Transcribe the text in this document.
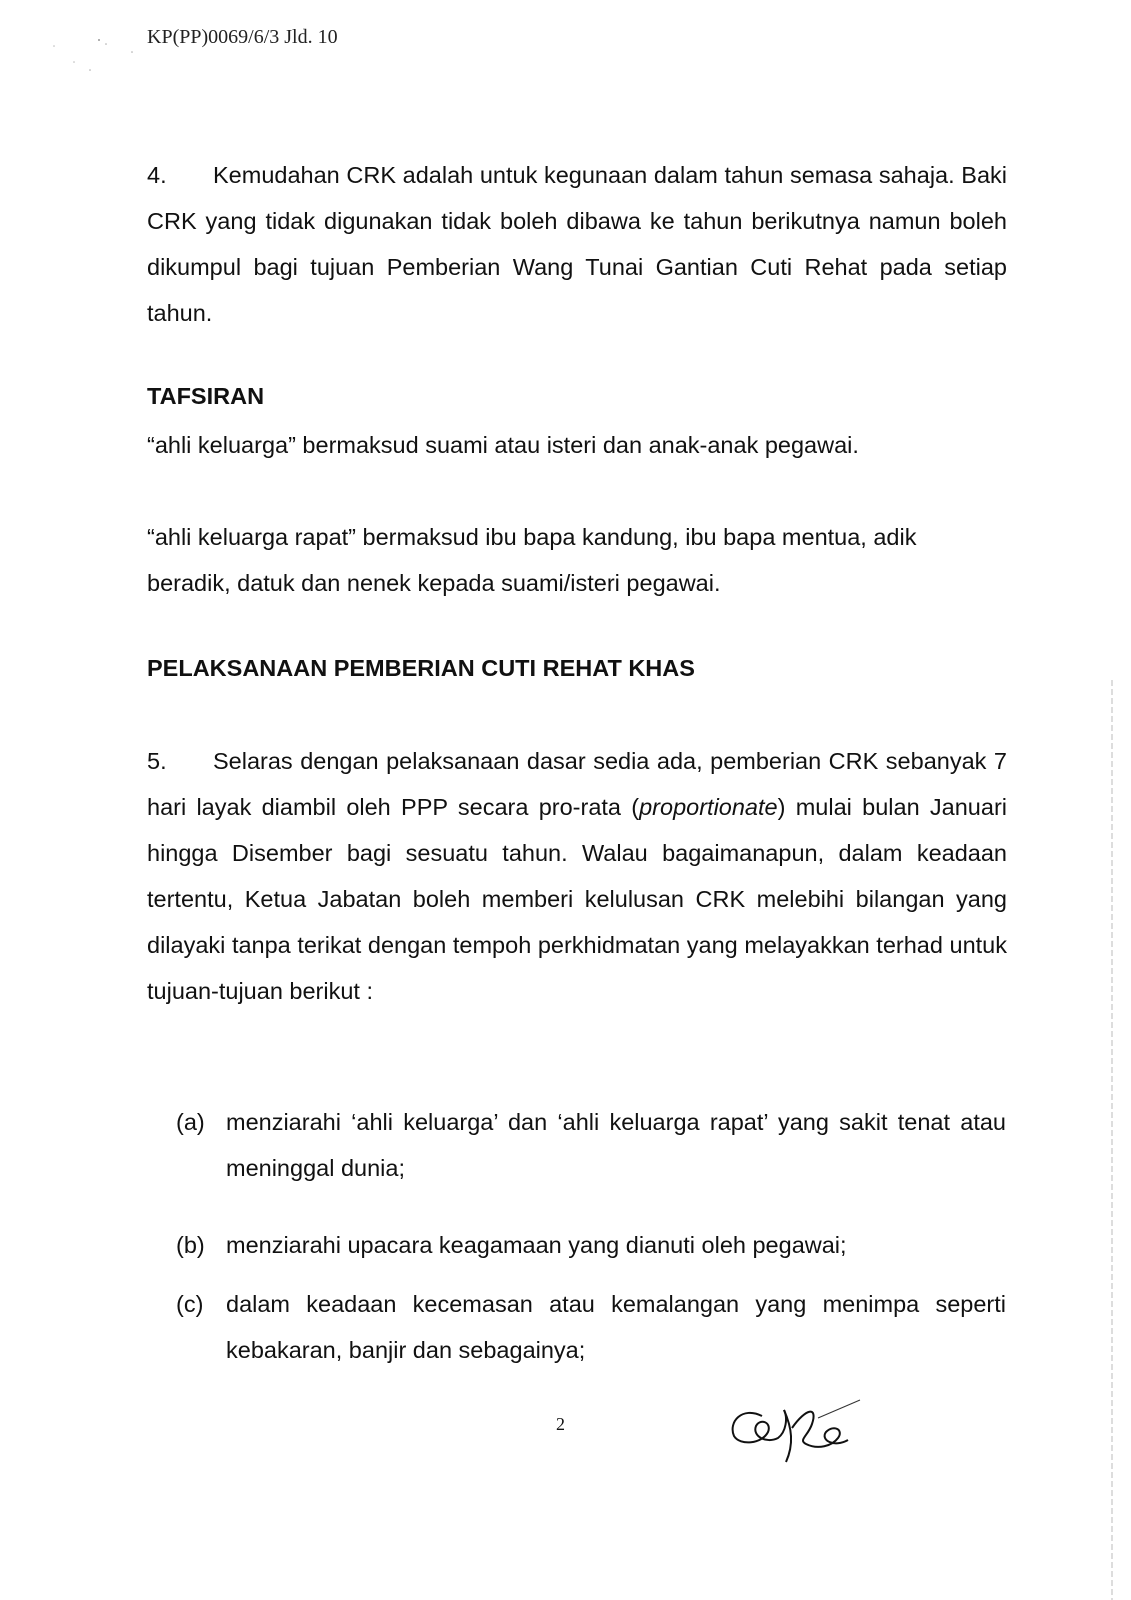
KP(PP)0069/6/3 Jld. 10

4. Kemudahan CRK adalah untuk kegunaan dalam tahun semasa sahaja. Baki CRK yang tidak digunakan tidak boleh dibawa ke tahun berikutnya namun boleh dikumpul bagi tujuan Pemberian Wang Tunai Gantian Cuti Rehat pada setiap tahun.

TAFSIRAN

“ahli keluarga” bermaksud suami atau isteri dan anak-anak pegawai.

“ahli keluarga rapat” bermaksud ibu bapa kandung, ibu bapa mentua, adik beradik, datuk dan nenek kepada suami/isteri pegawai.

PELAKSANAAN PEMBERIAN CUTI REHAT KHAS

5. Selaras dengan pelaksanaan dasar sedia ada, pemberian CRK sebanyak 7 hari layak diambil oleh PPP secara pro-rata (proportionate) mulai bulan Januari hingga Disember bagi sesuatu tahun. Walau bagaimanapun, dalam keadaan tertentu, Ketua Jabatan boleh memberi kelulusan CRK melebihi bilangan yang dilayaki tanpa terikat dengan tempoh perkhidmatan yang melayakkan terhad untuk tujuan-tujuan berikut :

(a) menziarahi ‘ahli keluarga’ dan ‘ahli keluarga rapat’ yang sakit tenat atau meninggal dunia;
(b) menziarahi upacara keagamaan yang dianuti oleh pegawai;
(c) dalam keadaan kecemasan atau kemalangan yang menimpa seperti kebakaran, banjir dan sebagainya;
2
